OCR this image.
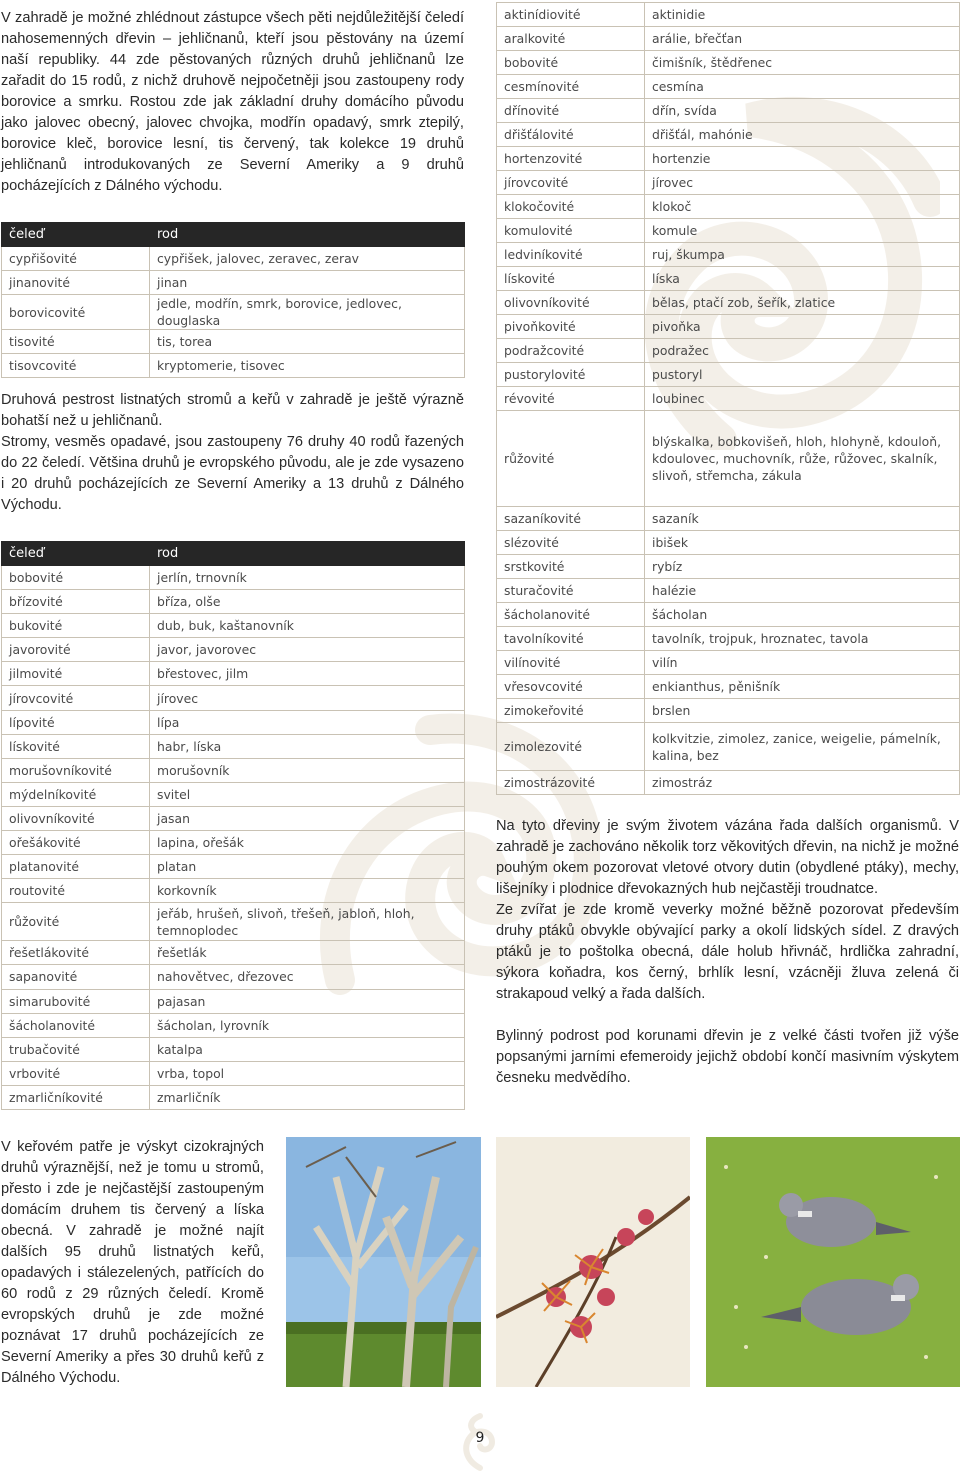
V zahradě je možné zhlédnout zástupce všech pěti nejdůležitější čeledí nahosemenných dřevin – jehličnanů, kteří jsou pěstovány na území naší republiky. 44 zde pěstovaných různých druhů jehličnanů lze zařadit do 15 rodů, z nichž druhově nejpočetněji jsou zastoupeny rody borovice a smrku. Rostou zde jak základní druhy domácího původu jako jalovec obecný, jalovec chvojka, modřín opadavý, smrk ztepilý, borovice kleč, borovice lesní, tis červený, tak kolekce 19 druhů jehličnanů introdukovaných ze Severní Ameriky a 9 druhů pocházejících z Dálného východu.

čeleď	rod
cypřišovité	cypřišek, jalovec, zeravec, zerav
jinanovité	jinan
borovicovité	jedle, modřín, smrk, borovice, jedlovec, douglaska
tisovité	tis, torea
tisovcovité	kryptomerie, tisovec

Druhová pestrost listnatých stromů a keřů v zahradě je ještě výrazně bohatší než u jehličnanů.

Stromy, vesměs opadavé, jsou zastoupeny 76 druhy 40 rodů řazených do 22 čeledí. Většina druhů je evropského původu, ale je zde vysazeno i 20 druhů pocházejících ze Severní Ameriky a 13 druhů z Dálného Východu.

čeleď	rod
bobovité	jerlín, trnovník
břízovité	bříza, olše
bukovité	dub, buk, kaštanovník
javorovité	javor, javorovec
jilmovité	břestovec, jilm
jírovcovité	jírovec
lípovité	lípa
lískovité	habr, líska
morušovníkovité	morušovník
mýdelníkovité	svitel
olivovníkovité	jasan
ořešákovité	lapina, ořešák
platanovité	platan
routovité	korkovník
růžovité	jeřáb, hrušeň, slivoň, třešeň, jabloň, hloh, temnoplodec
řešetlákovité	řešetlák
sapanovité	nahovětvec, dřezovec
simarubovité	pajasan
šácholanovité	šácholan, lyrovník
trubačovité	katalpa
vrbovité	vrba, topol
zmarličníkovité	zmarličník
aktinídiovité	aktinidie
aralkovité	arálie, břečťan
bobovité	čimišník, štědřenec
cesmínovité	cesmína
dřínovité	dřín, svída
dřišťálovité	dřišťál, mahónie
hortenzovité	hortenzie
jírovcovité	jírovec
klokočovité	klokoč
komulovité	komule
ledviníkovité	ruj, škumpa
lískovité	líska
olivovníkovité	bělas, ptačí zob, šeřík, zlatice
pivoňkovité	pivoňka
podražcovité	podražec
pustorylovité	pustoryl
révovité	loubinec
růžovité	blýskalka, bobkovišeň, hloh, hlohyně, kdouloň, kdoulovec, muchovník, růže, růžovec, skalník, slivoň, střemcha, zákula
sazaníkovité	sazaník
slézovité	ibišek
srstkovité	rybíz
sturačovité	halézie
šácholanovité	šácholan
tavolníkovité	tavolník, trojpuk, hroznatec, tavola
vilínovité	vilín
vřesovcovité	enkianthus, pěnišník
zimokeřovité	brslen
zimolezovité	kolkvitzie, zimolez, zanice, weigelie, pámelník, kalina, bez
zimostrázovité	zimostráz

Na tyto dřeviny je svým životem vázána řada dalších organismů. V zahradě je zachováno několik torz věkovitých dřevin, na nichž je možné pouhým okem pozorovat vletové otvory dutin (obydlené ptáky), mechy, lišejníky i plodnice dřevokazných hub nejčastěji troudnatce.

Ze zvířat je zde kromě veverky možné běžně pozorovat především druhy ptáků obvykle obývající parky a okolí lidských sídel. Z dravých ptáků je to poštolka obecná, dále holub hřivnáč, hrdlička zahradní, sýkora koňadra, kos černý, brhlík lesní, vzácněji žluva zelená či strakapoud velký a řada dalších.

Bylinný podrost pod korunami dřevin je z velké části tvořen již výše popsanými jarními efemeroidy jejichž období končí masivním výskytem česneku medvědího.

V keřovém patře je výskyt cizokrajných druhů výraznější, než je tomu u stromů, přesto i zde je nejčastější zastoupeným domácím druhem tis červený a líska obecná. V zahradě je možné najít dalších 95 druhů listnatých keřů, opadavých i stálezelených, patřících do 60 rodů z 29 různých čeledí. Kromě evropských druhů je zde možné poznávat 17 druhů pocházejících ze Severní Ameriky a přes 30 druhů keřů z Dálného Východu.

9
